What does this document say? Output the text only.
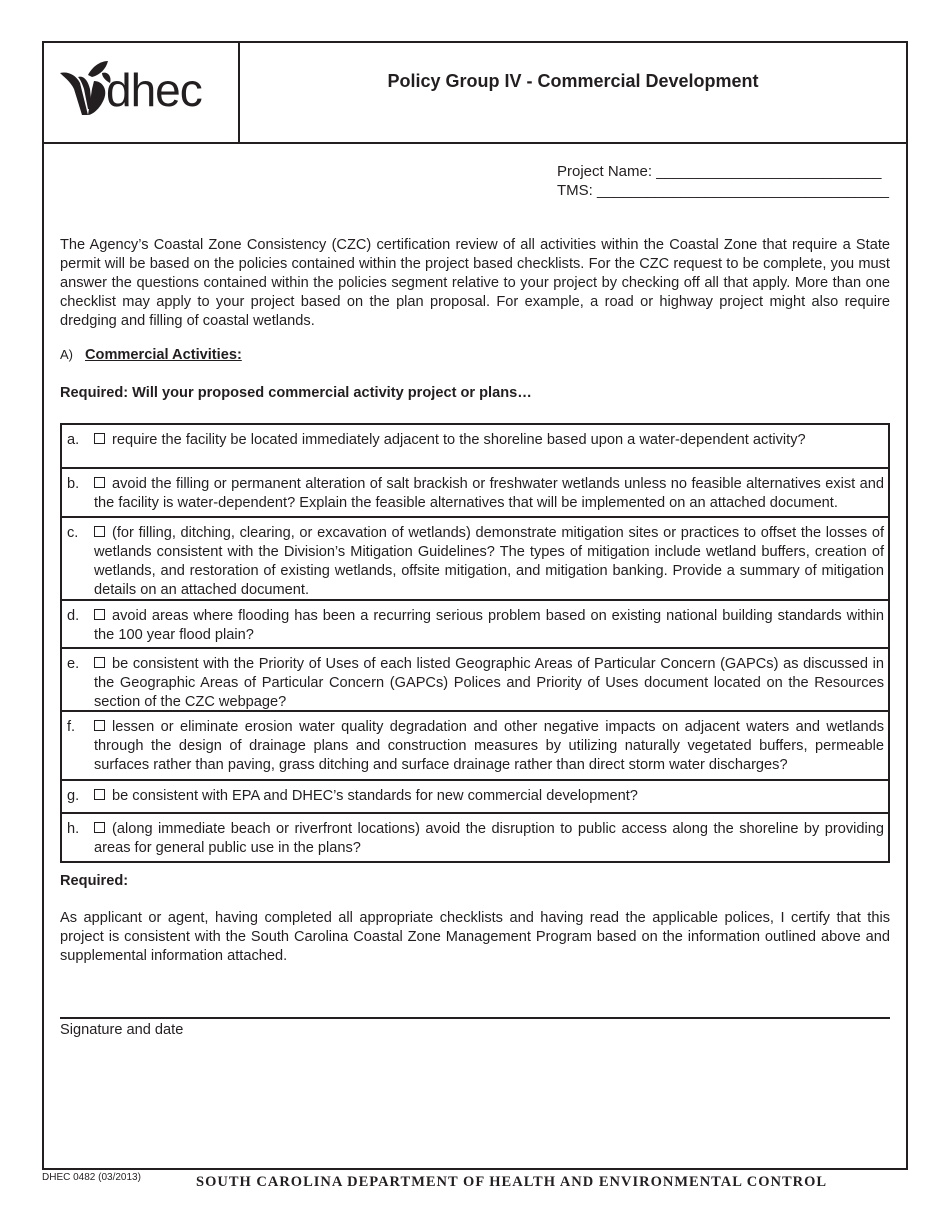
dhec	Policy Group IV - Commercial Development
Project Name: ___________________________
TMS: ___________________________________
The Agency’s Coastal Zone Consistency (CZC) certification review of all activities within the Coastal Zone that require a State permit will be based on the policies contained within the project based checklists. For the CZC request to be complete, you must answer the questions contained within the policies segment relative to your project by checking off all that apply. More than one checklist may apply to your project based on the plan proposal. For example, a road or highway project might also require dredging and filling of coastal wetlands.
A) Commercial Activities:
Required: Will your proposed commercial activity project or plans…
a.	require the facility be located immediately adjacent to the shoreline based upon a water-dependent activity?
b.	avoid the filling or permanent alteration of salt brackish or freshwater wetlands unless no feasible alternatives exist and the facility is water-dependent? Explain the feasible alternatives that will be implemented on an attached document.
c.	(for filling, ditching, clearing, or excavation of wetlands) demonstrate mitigation sites or practices to offset the losses of wetlands consistent with the Division’s Mitigation Guidelines? The types of mitigation include wetland buffers, creation of wetlands, and restoration of existing wetlands, offsite mitigation, and mitigation banking. Provide a summary of mitigation details on an attached document.
d.	avoid areas where flooding has been a recurring serious problem based on existing national building standards within the 100 year flood plain?
e.	be consistent with the Priority of Uses of each listed Geographic Areas of Particular Concern (GAPCs) as discussed in the Geographic Areas of Particular Concern (GAPCs) Polices and Priority of Uses document located on the Resources section of the CZC webpage?
f.	lessen or eliminate erosion water quality degradation and other negative impacts on adjacent waters and wetlands through the design of drainage plans and construction measures by utilizing naturally vegetated buffers, permeable surfaces rather than paving, grass ditching and surface drainage rather than direct storm water discharges?
g.	be consistent with EPA and DHEC’s standards for new commercial development?
h.	(along immediate beach or riverfront locations) avoid the disruption to public access along the shoreline by providing areas for general public use in the plans?
Required:
As applicant or agent, having completed all appropriate checklists and having read the applicable polices, I certify that this project is consistent with the South Carolina Coastal Zone Management Program based on the information outlined above and supplemental information attached.
Signature and date
DHEC 0482 (03/2013)	SOUTH CAROLINA DEPARTMENT OF HEALTH AND ENVIRONMENTAL CONTROL
